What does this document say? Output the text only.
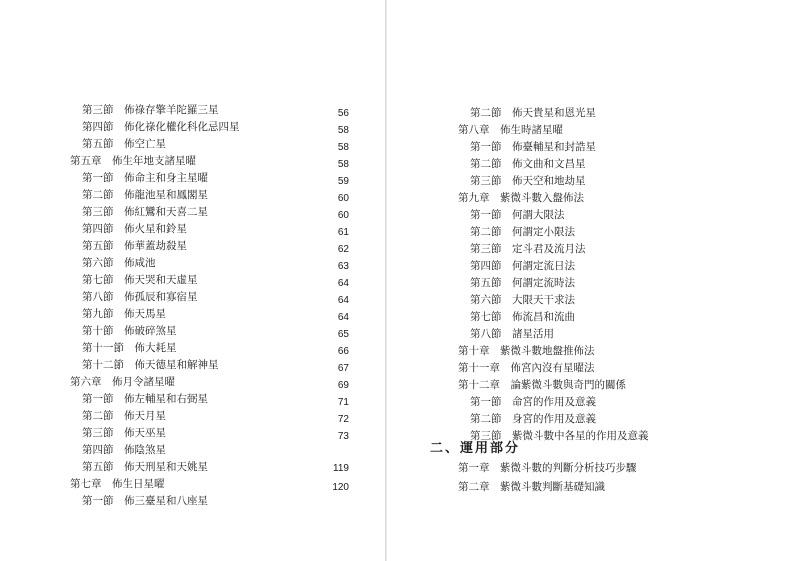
第三節　佈祿存擎羊陀羅三星
第四節　佈化祿化權化科化忌四星
第五節　佈空亡星
第五章　佈生年地支諸星曜
第一節　佈命主和身主星曜
第二節　佈龍池星和鳳閣星
第三節　佈紅鸞和天喜二星
第四節　佈火星和鈴星
第五節　佈華蓋劫殺星
第六節　佈咸池
第七節　佈天哭和天虛星
第八節　佈孤辰和寡宿星
第九節　佈天馬星
第十節　佈破碎煞星
第十一節　佈大耗星
第十二節　佈天德星和解神星
第六章　佈月令諸星曜
第一節　佈左輔星和右弼星
第二節　佈天月星
第三節　佈天巫星
第四節　佈陰煞星
第五節　佈天刑星和天姚星
第七章　佈生日星曜
第一節　佈三臺星和八座星
第二節　佈天貴星和恩光星
56
第八章　佈生時諸星曜
58
第一節　佈臺輔星和封誥星
58
第二節　佈文曲和文昌星
58
第三節　佈天空和地劫星
59
第九章　紫微斗數入盤佈法
60
第一節　何謂大限法
60
第二節　何謂定小限法
61
第三節　定斗君及流月法
62
第四節　何謂定流日法
63
第五節　何謂定流時法
64
第六節　大限天干求法
64
第七節　佈流昌和流曲
64
第八節　諸星活用
65
第十章　紫微斗數地盤推佈法
66
第十一章　佈宮內沒有星曜法
67
第十二章　論紫微斗數與奇門的關係
69
第一節　命宮的作用及意義
71
第二節　身宮的作用及意義
72
第三節　紫微斗數中各星的作用及意義
73
二、運用部分
第一章　紫微斗數的判斷分析技巧步驟
119
第二章　紫微斗數判斷基礎知識
120
